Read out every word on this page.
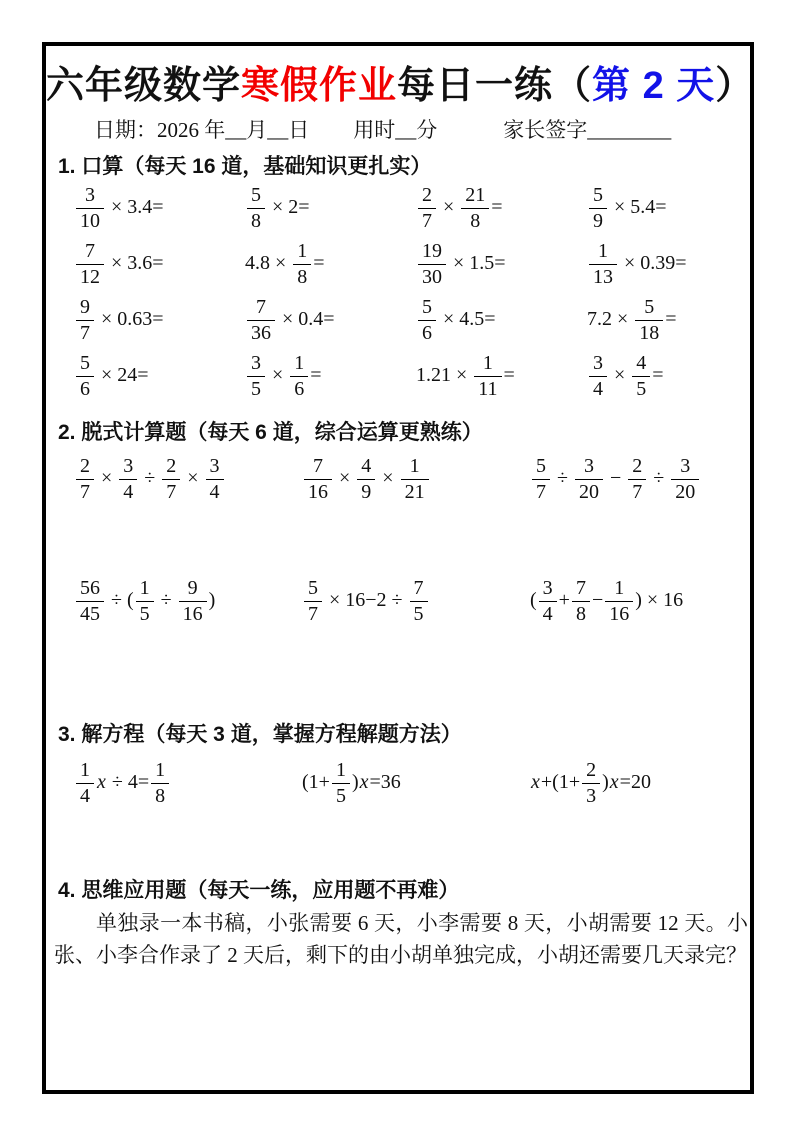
六年级数学寒假作业每日一练（第 2 天）
日期：2026 年__月__日 用时__分	家长签字________
1. 口算（每天 16 道，基础知识更扎实）
$\frac{3}{10} \times 3.4=$	$\frac{5}{8} \times 2=$	$\frac{2}{7} \times \frac{21}{8}$ =	$\frac{5}{9} \times 5.4=$
$\frac{7}{12} \times 3.6=$	$4.8 \times \frac{1}{8}$ =	$\frac{19}{30} \times 1.5=$	$\frac{1}{13} \times 0.39=$
$\frac{9}{7} \times 0.63=$	$\frac{7}{36} \times 0.4=$	$\frac{5}{6} \times 4.5=$	$7.2 \times \frac{5}{18}$ =
$\frac{5}{6} \times 24=$	$\frac{3}{5} \times \frac{1}{6}$ =	$1.21 \times \frac{1}{11}$ =	$\frac{3}{4} \times \frac{4}{5}$ =
2. 脱式计算题（每天 6 道，综合运算更熟练）
$\frac{2}{7} \times \frac{3}{4} \div \frac{2}{7} \times \frac{3}{4}$	$\frac{7}{16} \times \frac{4}{9} \times \frac{1}{21}$	$\frac{5}{7} \div \frac{3}{20} - \frac{2}{7} \div \frac{3}{20}$
$\frac{56}{45}$ ÷ ( $\frac{1}{5} \div \frac{9}{16}$ )	$\frac{5}{7} \times 16-2 \div \frac{7}{5}$	( $\frac{3}{4} + \frac{7}{8} - \frac{1}{16}$ ) × 16
3. 解方程（每天 3 道，掌握方程解题方法）
$\frac{1}{4}$ $x \div 4= \frac{1}{8}$	$(1+ \frac{1}{5} )x=36$	$x+(1+ \frac{2}{3} )x=20$
4. 思维应用题（每天一练，应用题不再难）
单独录一本书稿，小张需要 6 天，小李需要 8 天，小胡需要 12 天。小张、小李合作录了 2 天后，剩下的由小胡单独完成，小胡还需要几天录完？
